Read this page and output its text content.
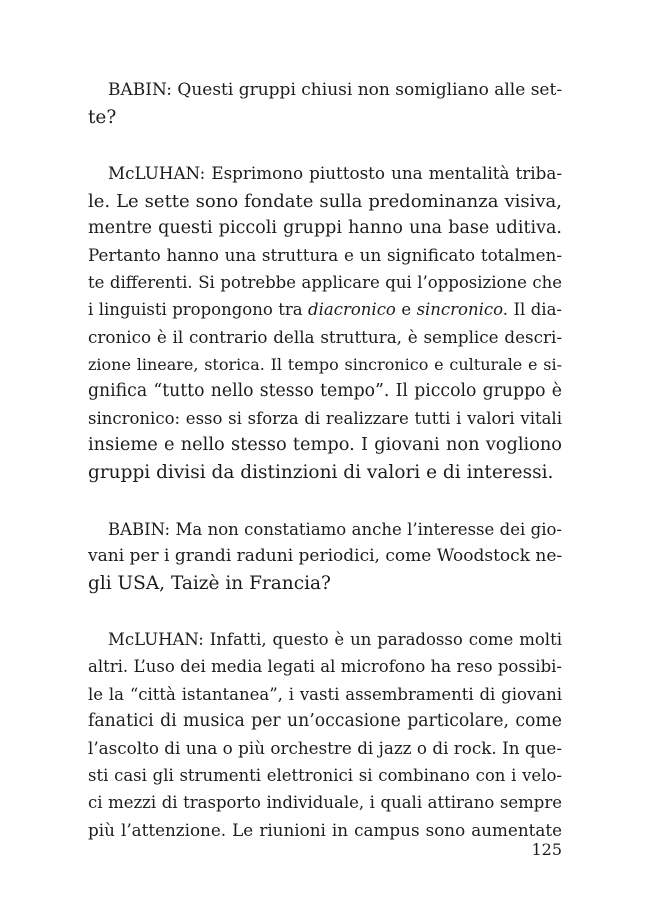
BABIN: Questi gruppi chiusi non somigliano alle set-
te?
McLUHAN: Esprimono piuttosto una mentalità triba-
le. Le sette sono fondate sulla predominanza visiva,
mentre questi piccoli gruppi hanno una base uditiva.
Pertanto hanno una struttura e un significato totalmen-
te differenti. Si potrebbe applicare qui l’opposizione che
i linguisti propongono tra diacronico e sincronico. Il dia-
cronico è il contrario della struttura, è semplice descri-
zione lineare, storica. Il tempo sincronico e culturale e si-
gnifica “tutto nello stesso tempo”. Il piccolo gruppo è
sincronico: esso si sforza di realizzare tutti i valori vitali
insieme e nello stesso tempo. I giovani non vogliono
gruppi divisi da distinzioni di valori e di interessi.
BABIN: Ma non constatiamo anche l’interesse dei gio-
vani per i grandi raduni periodici, come Woodstock ne-
gli USA, Taizè in Francia?
McLUHAN: Infatti, questo è un paradosso come molti
altri. L’uso dei media legati al microfono ha reso possibi-
le la “città istantanea”, i vasti assembramenti di giovani
fanatici di musica per un’occasione particolare, come
l’ascolto di una o più orchestre di jazz o di rock. In que-
sti casi gli strumenti elettronici si combinano con i velo-
ci mezzi di trasporto individuale, i quali attirano sempre
più l’attenzione. Le riunioni in campus sono aumentate
125
